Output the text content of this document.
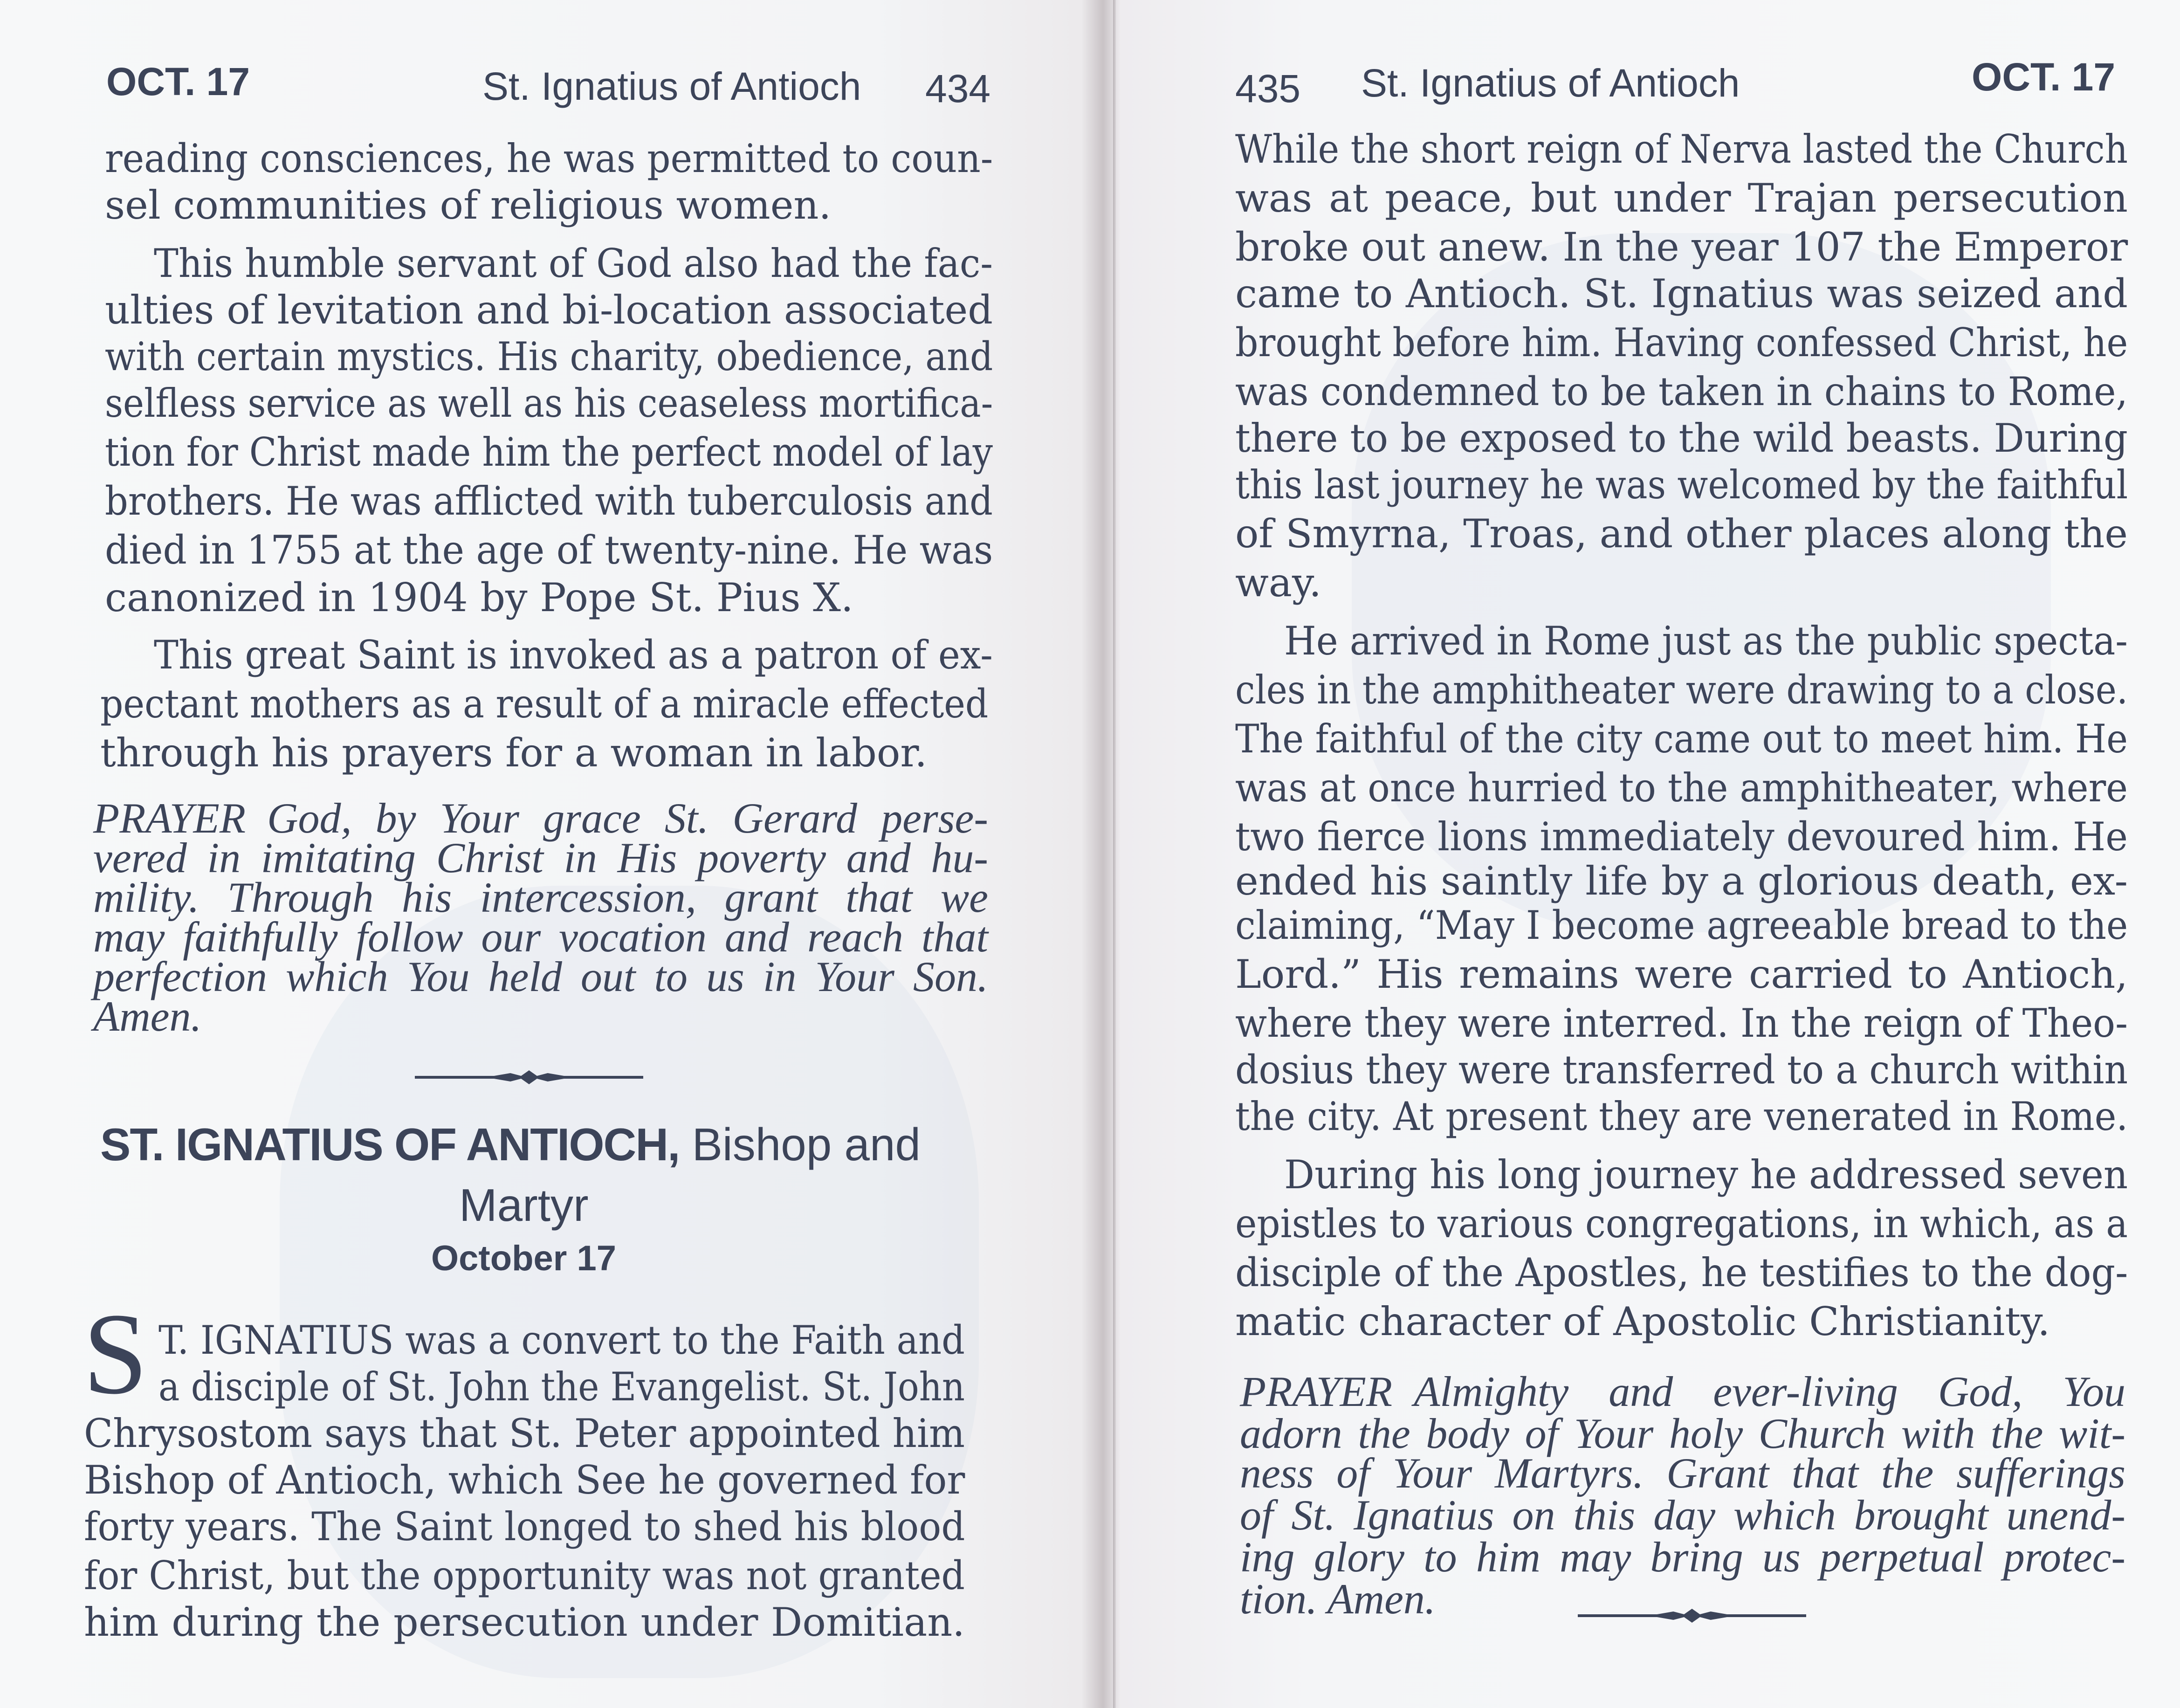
OCT. 17	St. Ignatius of Antioch 434
reading consciences, he was permitted to coun-
sel communities of religious women.
This humble servant of God also had the fac-
ulties of levitation and bi-location associated
with certain mystics. His charity, obedience, and
selfless service as well as his ceaseless mortifica-
tion for Christ made him the perfect model of lay
brothers. He was afflicted with tuberculosis and
died in 1755 at the age of twenty-nine. He was
canonized in 1904 by Pope St. Pius X.
This great Saint is invoked as a patron of ex-
pectant mothers as a result of a miracle effected
through his prayers for a woman in labor.
PRAYER God, by Your grace St. Gerard perse-
vered in imitating Christ in His poverty and hu-
mility. Through his intercession, grant that we
may faithfully follow our vocation and reach that
perfection which You held out to us in Your Son.
Amen.
T. IGNATIUS was a convert to the Faith and
a disciple of St. John the Evangelist. St. John
Chrysostom says that St. Peter appointed him
Bishop of Antioch, which See he governed for
forty years. The Saint longed to shed his blood
for Christ, but the opportunity was not granted
him during the persecution under Domitian.
ST. IGNATIUS OF ANTIOCH, Bishop and
Martyr
October 17
S
435 St. Ignatius of Antioch	OCT. 17
While the short reign of Nerva lasted the Church
was at peace, but under Trajan persecution
broke out anew. In the year 107 the Emperor
came to Antioch. St. Ignatius was seized and
brought before him. Having confessed Christ, he
was condemned to be taken in chains to Rome,
there to be exposed to the wild beasts. During
this last journey he was welcomed by the faithful
of Smyrna, Troas, and other places along the
way.
He arrived in Rome just as the public specta-
cles in the amphitheater were drawing to a close.
The faithful of the city came out to meet him. He
was at once hurried to the amphitheater, where
two fierce lions immediately devoured him. He
ended his saintly life by a glorious death, ex-
claiming, “May I become agreeable bread to the
Lord.” His remains were carried to Antioch,
where they were interred. In the reign of Theo-
dosius they were transferred to a church within
the city. At present they are venerated in Rome.
During his long journey he addressed seven
epistles to various congregations, in which, as a
disciple of the Apostles, he testifies to the dog-
matic character of Apostolic Christianity.
PRAYER Almighty and ever-living God, You
adorn the body of Your holy Church with the wit-
ness of Your Martyrs. Grant that the sufferings
of St. Ignatius on this day which brought unend-
ing glory to him may bring us perpetual protec-
tion. Amen.
